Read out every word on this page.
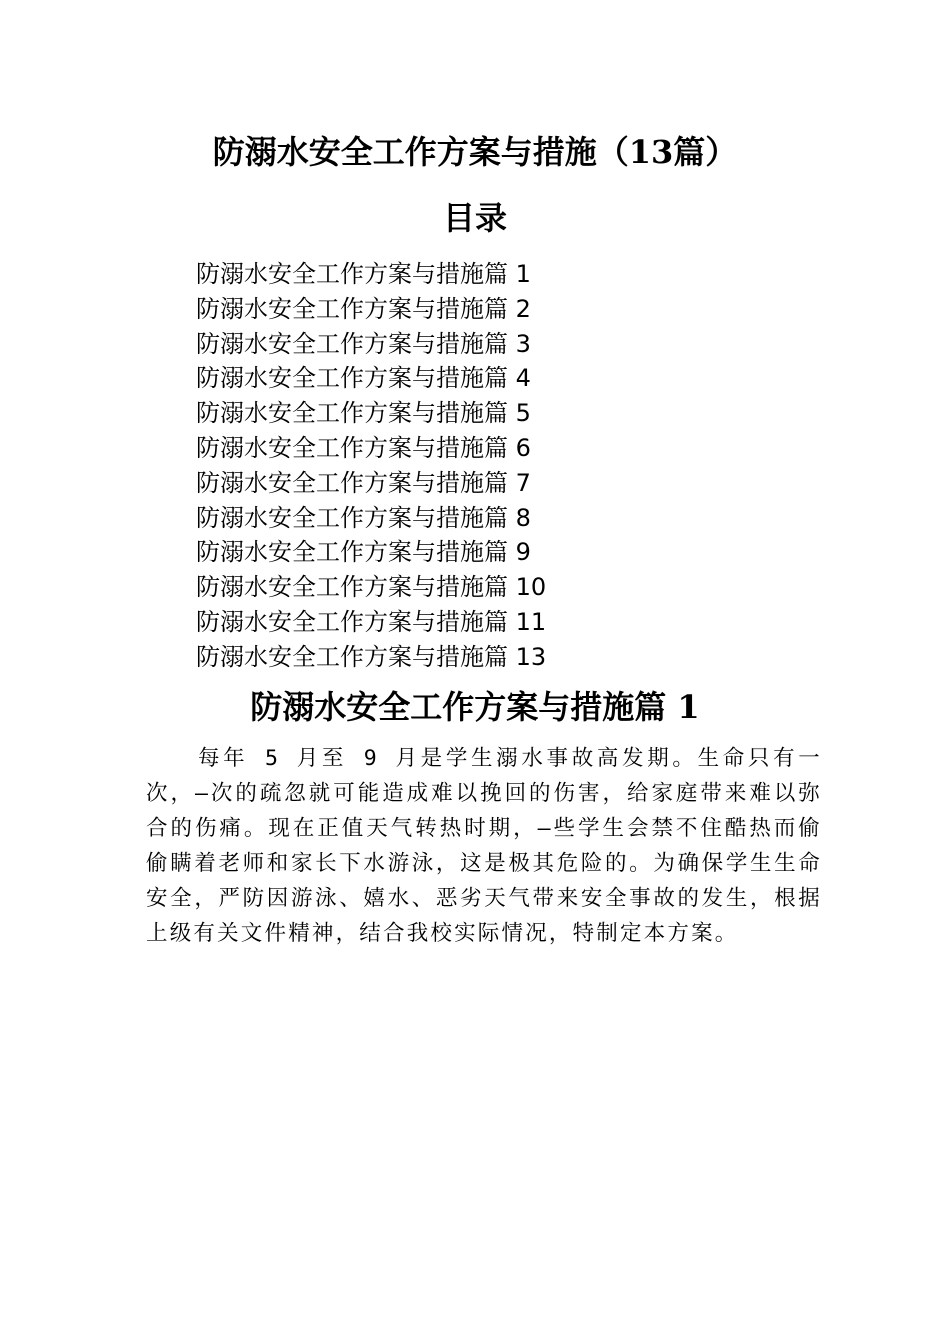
防溺水安全工作方案与措施（13篇）
目录
防溺水安全工作方案与措施篇 1
防溺水安全工作方案与措施篇 2
防溺水安全工作方案与措施篇 3
防溺水安全工作方案与措施篇 4
防溺水安全工作方案与措施篇 5
防溺水安全工作方案与措施篇 6
防溺水安全工作方案与措施篇 7
防溺水安全工作方案与措施篇 8
防溺水安全工作方案与措施篇 9
防溺水安全工作方案与措施篇 10
防溺水安全工作方案与措施篇 11
防溺水安全工作方案与措施篇 13
防溺水安全工作方案与措施篇 1

每年 5 月至 9 月是学生溺水事故高发期。生命只有一次，—次的疏忽就可能造成难以挽回的伤害，给家庭带来难以弥合的伤痛。现在正值天气转热时期，—些学生会禁不住酷热而偷偷瞒着老师和家长下水游泳，这是极其危险的。为确保学生生命安全，严防因游泳、嬉水、恶劣天气带来安全事故的发生，根据上级有关文件精神，结合我校实际情况，特制定本方案。
